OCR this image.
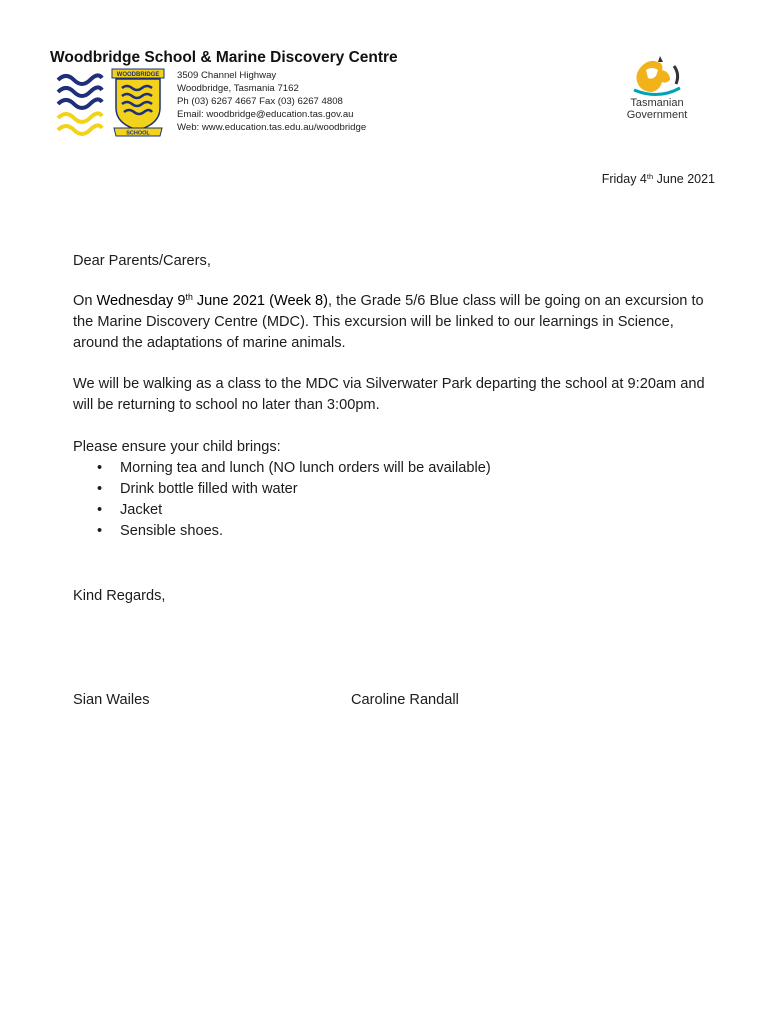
Woodbridge School & Marine Discovery Centre
WOODBRIDGE
SCHOOL
3509 Channel Highway
Woodbridge, Tasmania 7162
Ph (03) 6267 4667 Fax (03) 6267 4808
Email: woodbridge@education.tas.gov.au
Web: www.education.tas.edu.au/woodbridge
Tasmanian
Government
Friday 4th June 2021
Dear Parents/Carers,
On Wednesday 9th June 2021 (Week 8), the Grade 5/6 Blue class will be going on an excursion to the Marine Discovery Centre (MDC). This excursion will be linked to our learnings in Science, around the adaptations of marine animals.
We will be walking as a class to the MDC via Silverwater Park departing the school at 9:20am and will be returning to school no later than 3:00pm.
Please ensure your child brings:
• Morning tea and lunch (NO lunch orders will be available)
• Drink bottle filled with water
• Jacket
• Sensible shoes.
Kind Regards,
Sian Wailes	Caroline Randall
